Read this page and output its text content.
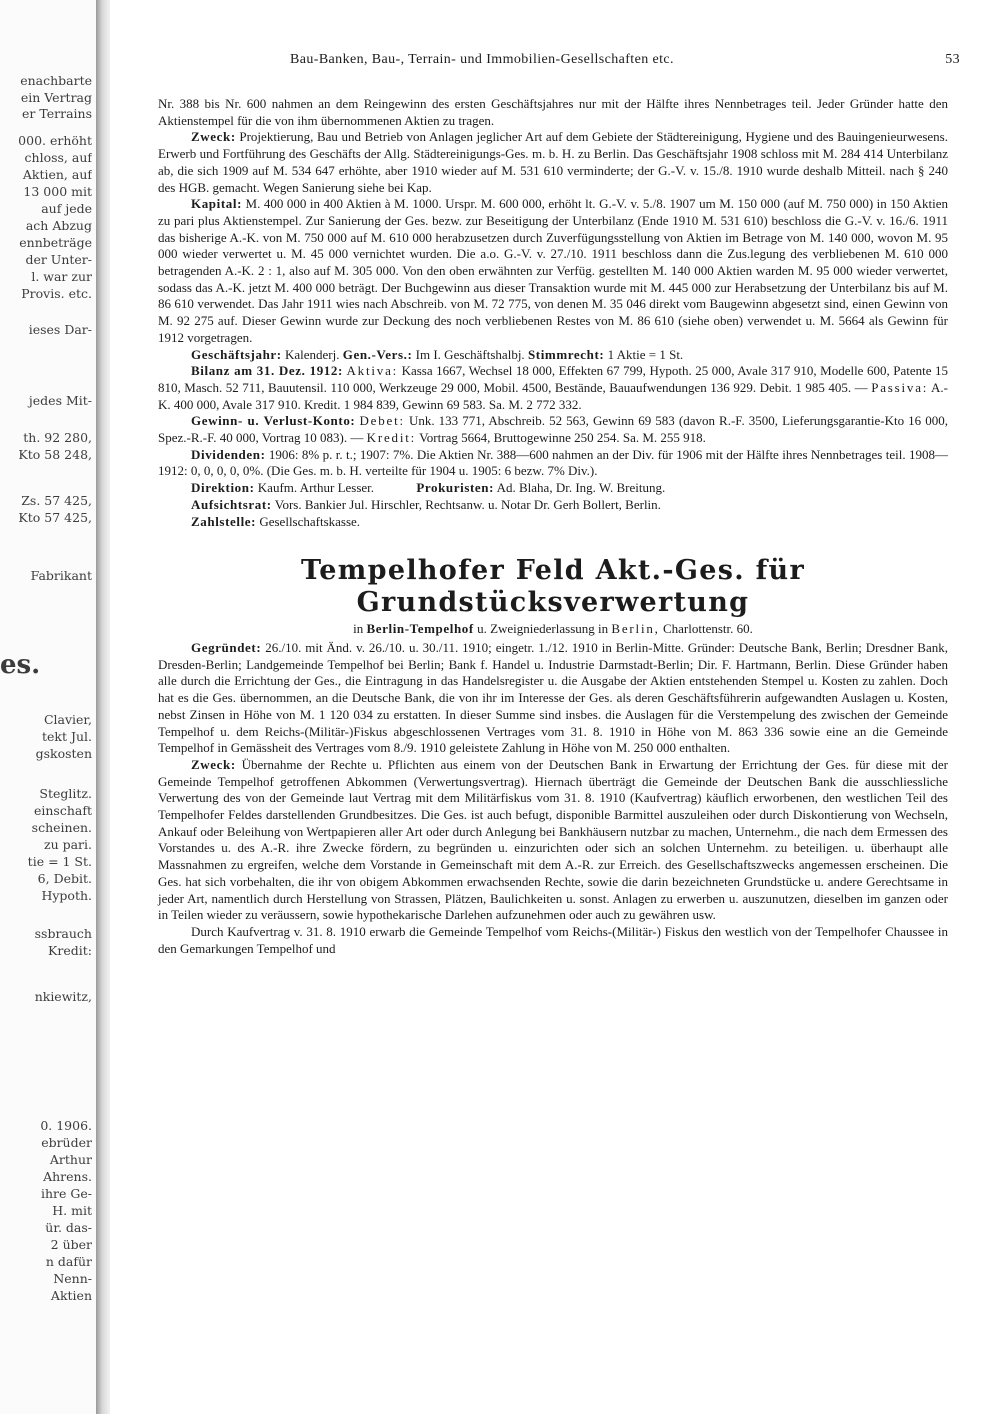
enachbarte
ein Vertrag
er Terrains
000. erhöht
chloss, auf
Aktien, auf
13 000 mit
auf jede
ach Abzug
ennbeträge
der Unter-
l. war zur
Provis. etc.
ieses Dar-
jedes Mit-
th. 92 280,
Kto 58 248,
Zs. 57 425,
Kto 57 425,
Fabrikant
es.
Clavier,
tekt Jul.
gskosten
Steglitz.
einschaft
scheinen.
zu pari.
tie = 1 St.
6, Debit.
Hypoth.
ssbrauch
Kredit:
nkiewitz,
0. 1906.
ebrüder
Arthur
Ahrens.
ihre Ge-
H. mit
ür. das-
2 über
n dafür
Nenn-
Aktien
Bau-Banken, Bau-, Terrain- und Immobilien-Gesellschaften etc.	53

Nr. 388 bis Nr. 600 nahmen an dem Reingewinn des ersten Geschäftsjahres nur mit der Hälfte ihres Nennbetrages teil. Jeder Gründer hatte den Aktienstempel für die von ihm übernommenen Aktien zu tragen.

Zweck: Projektierung, Bau und Betrieb von Anlagen jeglicher Art auf dem Gebiete der Städtereinigung, Hygiene und des Bauingenieurwesens. Erwerb und Fortführung des Geschäfts der Allg. Städtereinigungs-Ges. m. b. H. zu Berlin. Das Geschäftsjahr 1908 schloss mit M. 284 414 Unterbilanz ab, die sich 1909 auf M. 534 647 erhöhte, aber 1910 wieder auf M. 531 610 verminderte; der G.-V. v. 15./8. 1910 wurde deshalb Mitteil. nach § 240 des HGB. gemacht. Wegen Sanierung siehe bei Kap.

Kapital: M. 400 000 in 400 Aktien à M. 1000. Urspr. M. 600 000, erhöht lt. G.-V. v. 5./8. 1907 um M. 150 000 (auf M. 750 000) in 150 Aktien zu pari plus Aktienstempel. Zur Sanierung der Ges. bezw. zur Beseitigung der Unterbilanz (Ende 1910 M. 531 610) beschloss die G.-V. v. 16./6. 1911 das bisherige A.-K. von M. 750 000 auf M. 610 000 herabzusetzen durch Zuverfügungsstellung von Aktien im Betrage von M. 140 000, wovon M. 95 000 wieder verwertet u. M. 45 000 vernichtet wurden. Die a.o. G.-V. v. 27./10. 1911 beschloss dann die Zus.legung des verbliebenen M. 610 000 betragenden A.-K. 2 : 1, also auf M. 305 000. Von den oben erwähnten zur Verfüg. gestellten M. 140 000 Aktien warden M. 95 000 wieder verwertet, sodass das A.-K. jetzt M. 400 000 beträgt. Der Buchgewinn aus dieser Transaktion wurde mit M. 445 000 zur Herabsetzung der Unterbilanz bis auf M. 86 610 verwendet. Das Jahr 1911 wies nach Abschreib. von M. 72 775, von denen M. 35 046 direkt vom Baugewinn abgesetzt sind, einen Gewinn von M. 92 275 auf. Dieser Gewinn wurde zur Deckung des noch verbliebenen Restes von M. 86 610 (siehe oben) verwendet u. M. 5664 als Gewinn für 1912 vorgetragen.

Geschäftsjahr: Kalenderj. Gen.-Vers.: Im I. Geschäftshalbj. Stimmrecht: 1 Aktie = 1 St.

Bilanz am 31. Dez. 1912: Aktiva: Kassa 1667, Wechsel 18 000, Effekten 67 799, Hypoth. 25 000, Avale 317 910, Modelle 600, Patente 15 810, Masch. 52 711, Bauutensil. 110 000, Werkzeuge 29 000, Mobil. 4500, Bestände, Bauaufwendungen 136 929. Debit. 1 985 405. — Passiva: A.-K. 400 000, Avale 317 910. Kredit. 1 984 839, Gewinn 69 583. Sa. M. 2 772 332.

Gewinn- u. Verlust-Konto: Debet: Unk. 133 771, Abschreib. 52 563, Gewinn 69 583 (davon R.-F. 3500, Lieferungsgarantie-Kto 16 000, Spez.-R.-F. 40 000, Vortrag 10 083). — Kredit: Vortrag 5664, Bruttogewinne 250 254. Sa. M. 255 918.

Dividenden: 1906: 8% p. r. t.; 1907: 7%. Die Aktien Nr. 388—600 nahmen an der Div. für 1906 mit der Hälfte ihres Nennbetrages teil. 1908—1912: 0, 0, 0, 0, 0%. (Die Ges. m. b. H. verteilte für 1904 u. 1905: 6 bezw. 7% Div.).

Direktion: Kaufm. Arthur Lesser.	Prokuristen: Ad. Blaha, Dr. Ing. W. Breitung.

Aufsichtsrat: Vors. Bankier Jul. Hirschler, Rechtsanw. u. Notar Dr. Gerh Bollert, Berlin.

Zahlstelle: Gesellschaftskasse.

Tempelhofer Feld Akt.-Ges. für Grundstücksverwertung
in Berlin-Tempelhof u. Zweigniederlassung in Berlin, Charlottenstr. 60.

Gegründet: 26./10. mit Änd. v. 26./10. u. 30./11. 1910; eingetr. 1./12. 1910 in Berlin-Mitte. Gründer: Deutsche Bank, Berlin; Dresdner Bank, Dresden-Berlin; Landgemeinde Tempelhof bei Berlin; Bank f. Handel u. Industrie Darmstadt-Berlin; Dir. F. Hartmann, Berlin. Diese Gründer haben alle durch die Errichtung der Ges., die Eintragung in das Handelsregister u. die Ausgabe der Aktien entstehenden Stempel u. Kosten zu zahlen. Doch hat es die Ges. übernommen, an die Deutsche Bank, die von ihr im Interesse der Ges. als deren Geschäftsführerin aufgewandten Auslagen u. Kosten, nebst Zinsen in Höhe von M. 1 120 034 zu erstatten. In dieser Summe sind insbes. die Auslagen für die Verstempelung des zwischen der Gemeinde Tempelhof u. dem Reichs-(Militär-)Fiskus abgeschlossenen Vertrages vom 31. 8. 1910 in Höhe von M. 863 336 sowie eine an die Gemeinde Tempelhof in Gemässheit des Vertrages vom 8./9. 1910 geleistete Zahlung in Höhe von M. 250 000 enthalten.

Zweck: Übernahme der Rechte u. Pflichten aus einem von der Deutschen Bank in Erwartung der Errichtung der Ges. für diese mit der Gemeinde Tempelhof getroffenen Abkommen (Verwertungsvertrag). Hiernach überträgt die Gemeinde der Deutschen Bank die ausschliessliche Verwertung des von der Gemeinde laut Vertrag mit dem Militärfiskus vom 31. 8. 1910 (Kaufvertrag) käuflich erworbenen, den westlichen Teil des Tempelhofer Feldes darstellenden Grundbesitzes. Die Ges. ist auch befugt, disponible Barmittel auszuleihen oder durch Diskontierung von Wechseln, Ankauf oder Beleihung von Wertpapieren aller Art oder durch Anlegung bei Bankhäusern nutzbar zu machen, Unternehm., die nach dem Ermessen des Vorstandes u. des A.-R. ihre Zwecke fördern, zu begründen u. einzurichten oder sich an solchen Unternehm. zu beteiligen. u. überhaupt alle Massnahmen zu ergreifen, welche dem Vorstande in Gemeinschaft mit dem A.-R. zur Erreich. des Gesellschaftszwecks angemessen erscheinen. Die Ges. hat sich vorbehalten, die ihr von obigem Abkommen erwachsenden Rechte, sowie die darin bezeichneten Grundstücke u. andere Gerechtsame in jeder Art, namentlich durch Herstellung von Strassen, Plätzen, Baulichkeiten u. sonst. Anlagen zu erwerben u. auszunutzen, dieselben im ganzen oder in Teilen wieder zu veräussern, sowie hypothekarische Darlehen aufzunehmen oder auch zu gewähren usw.

Durch Kaufvertrag v. 31. 8. 1910 erwarb die Gemeinde Tempelhof vom Reichs-(Militär-) Fiskus den westlich von der Tempelhofer Chaussee in den Gemarkungen Tempelhof und
